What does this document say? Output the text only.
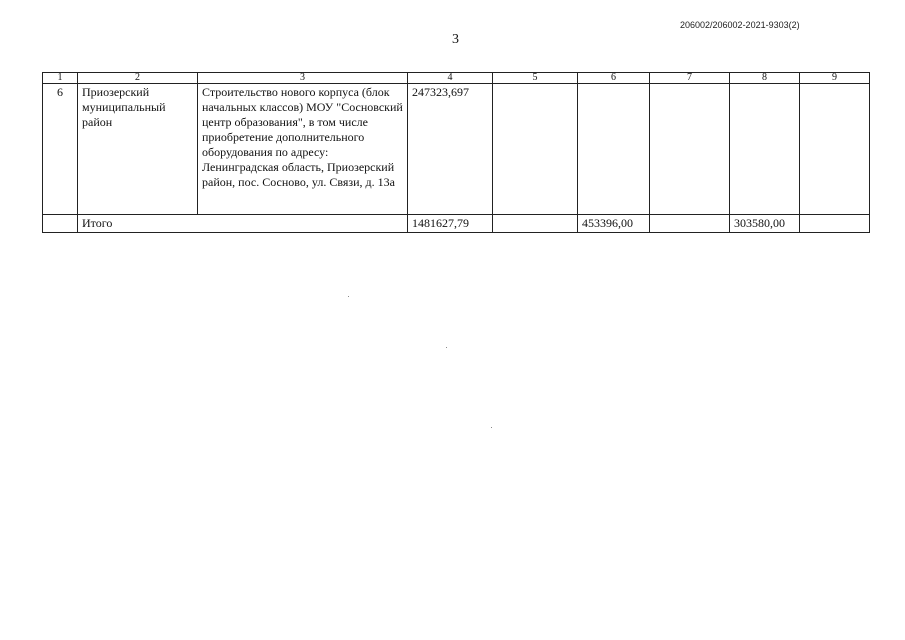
206002/206002-2021-9303(2)
3
1	2	3	4	5	6	7	8	9
6	Приозерский муниципальный район	Строительство нового корпуса (блок начальных классов) МОУ "Сосновский центр образования", в том числе приобретение дополнительного оборудования по адресу: Ленинградская область, Приозерский район, пос. Сосново, ул. Связи, д. 13а	247323,697					
	Итого		1481627,79		453396,00		303580,00	
